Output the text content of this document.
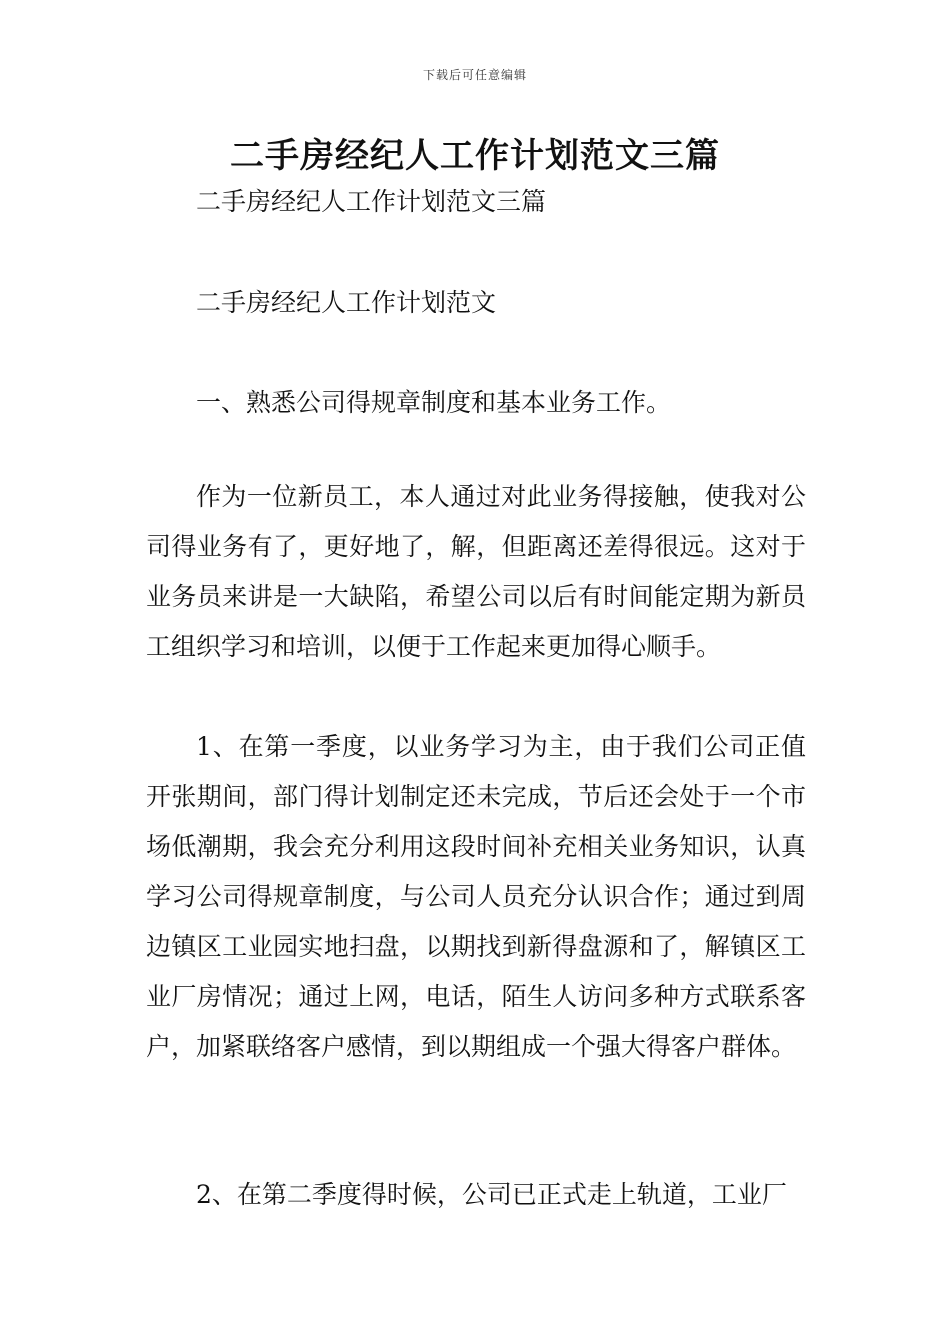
下载后可任意编辑
二手房经纪人工作计划范文三篇

二手房经纪人工作计划范文三篇

二手房经纪人工作计划范文

一、熟悉公司得规章制度和基本业务工作。

作为一位新员工，本人通过对此业务得接触，使我对公司得业务有了，更好地了，解，但距离还差得很远。这对于业务员来讲是一大缺陷，希望公司以后有时间能定期为新员工组织学习和培训，以便于工作起来更加得心顺手。

1、在第一季度，以业务学习为主，由于我们公司正值开张期间，部门得计划制定还未完成，节后还会处于一个市场低潮期，我会充分利用这段时间补充相关业务知识，认真学习公司得规章制度，与公司人员充分认识合作；通过到周边镇区工业园实地扫盘，以期找到新得盘源和了，解镇区工业厂房情况；通过上网，电话，陌生人访问多种方式联系客户，加紧联络客户感情，到以期组成一个强大得客户群体。

2、在第二季度得时候，公司已正式走上轨道，工业厂
